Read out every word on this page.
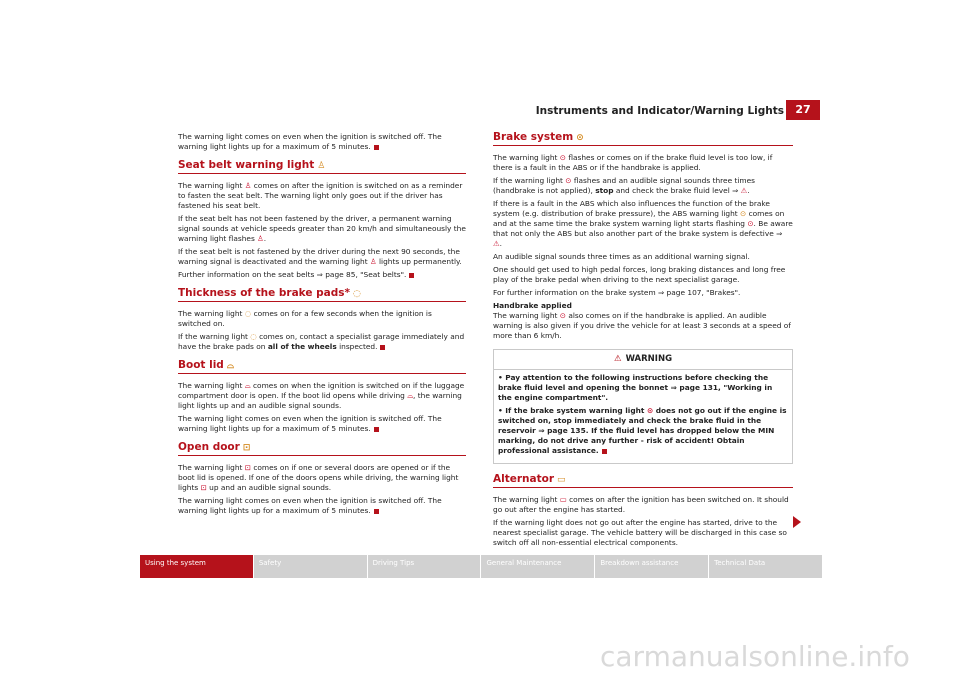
Instruments and Indicator/Warning Lights	27

The warning light comes on even when the ignition is switched off. The warning light lights up for a maximum of 5 minutes.

Seat belt warning light ♙

The warning light ♙ comes on after the ignition is switched on as a reminder to fasten the seat belt. The warning light only goes out if the driver has fastened his seat belt.

If the seat belt has not been fastened by the driver, a permanent warning signal sounds at vehicle speeds greater than 20 km/h and simultaneously the warning light flashes ♙.

If the seat belt is not fastened by the driver during the next 90 seconds, the warning signal is deactivated and the warning light ♙ lights up permanently.

Further information on the seat belts ⇒ page 85, "Seat belts".

Thickness of the brake pads* ◌

The warning light ◌ comes on for a few seconds when the ignition is switched on.

If the warning light ◌ comes on, contact a specialist garage immediately and have the brake pads on all of the wheels inspected.

Boot lid ⌓

The warning light ⌓ comes on when the ignition is switched on if the luggage compartment door is open. If the boot lid opens while driving ⌓, the warning light lights up and an audible signal sounds.

The warning light comes on even when the ignition is switched off. The warning light lights up for a maximum of 5 minutes.

Open door ⊡

The warning light ⊡ comes on if one or several doors are opened or if the boot lid is opened. If one of the doors opens while driving, the warning light lights ⊡ up and an audible signal sounds.

The warning light comes on even when the ignition is switched off. The warning light lights up for a maximum of 5 minutes.

Brake system ⊙

The warning light ⊙ flashes or comes on if the brake fluid level is too low, if there is a fault in the ABS or if the handbrake is applied.

If the warning light ⊙ flashes and an audible signal sounds three times (handbrake is not applied), stop and check the brake fluid level ⇒ ⚠.

If there is a fault in the ABS which also influences the function of the brake system (e.g. distribution of brake pressure), the ABS warning light ⊙ comes on and at the same time the brake system warning light starts flashing ⊙. Be aware that not only the ABS but also another part of the brake system is defective ⇒ ⚠.

An audible signal sounds three times as an additional warning signal.

One should get used to high pedal forces, long braking distances and long free play of the brake pedal when driving to the next specialist garage.

For further information on the brake system ⇒ page 107, "Brakes".

Handbrake applied

The warning light ⊙ also comes on if the handbrake is applied. An audible warning is also given if you drive the vehicle for at least 3 seconds at a speed of more than 6 km/h.

⚠ WARNING

• Pay attention to the following instructions before checking the brake fluid level and opening the bonnet ⇒ page 131, "Working in the engine compartment".

• If the brake system warning light ⊙ does not go out if the engine is switched on, stop immediately and check the brake fluid in the reservoir ⇒ page 135. If the fluid level has dropped below the MIN marking, do not drive any further - risk of accident! Obtain professional assistance.

Alternator ▭

The warning light ▭ comes on after the ignition has been switched on. It should go out after the engine has started.

If the warning light does not go out after the engine has started, drive to the nearest specialist garage. The vehicle battery will be discharged in this case so switch off all non-essential electrical components.

Using the system	Safety	Driving Tips	General Maintenance	Breakdown assistance	Technical Data
carmanualsonline.info
